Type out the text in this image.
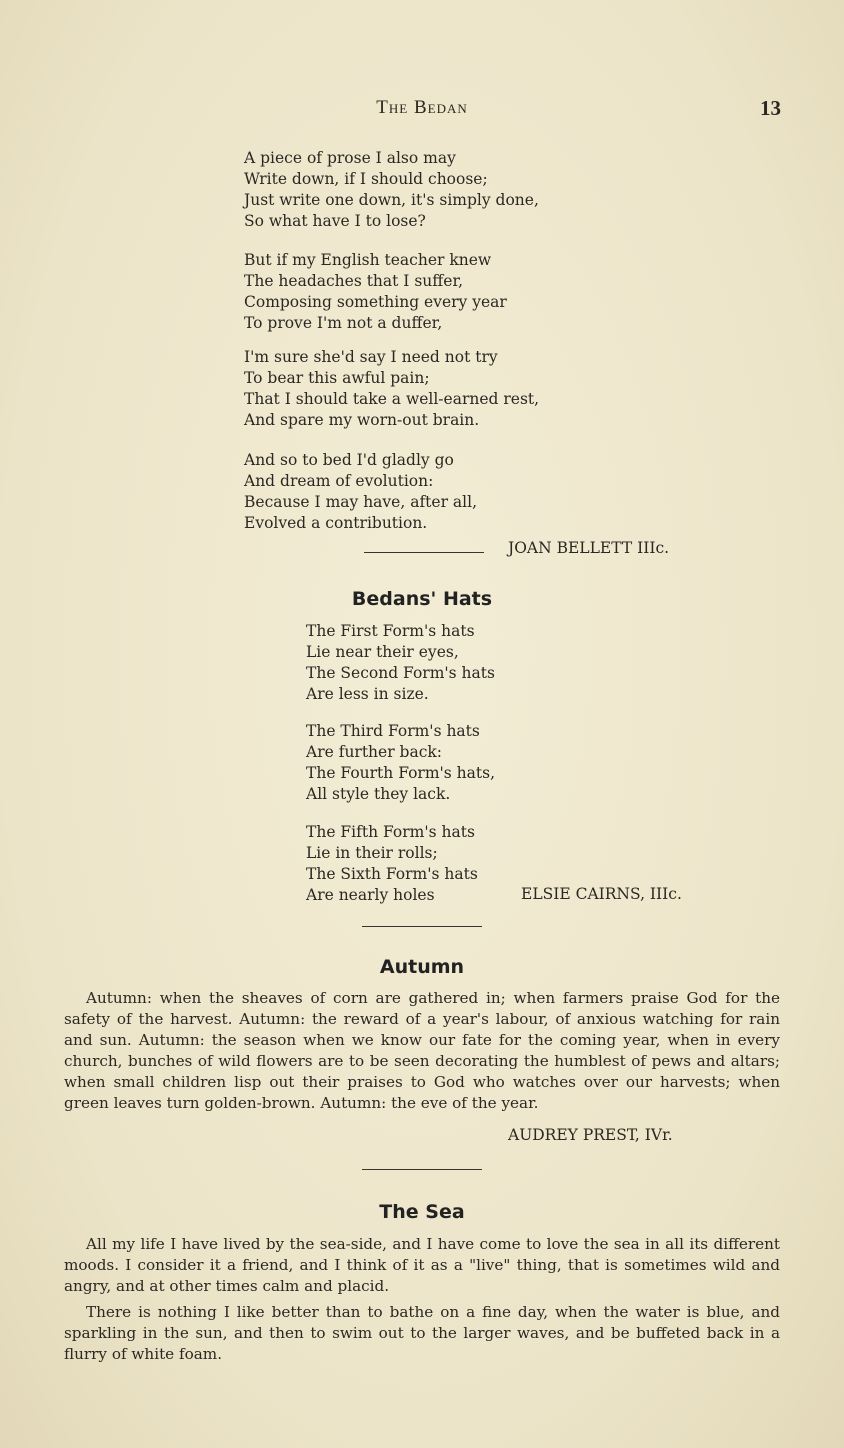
The Bedan	13
A piece of prose I also may
Write down, if I should choose;
Just write one down, it's simply done,
So what have I to lose?
But if my English teacher knew
The headaches that I suffer,
Composing something every year
To prove I'm not a duffer,
I'm sure she'd say I need not try
To bear this awful pain;
That I should take a well-earned rest,
And spare my worn-out brain.
And so to bed I'd gladly go
And dream of evolution:
Because I may have, after all,
Evolved a contribution.
JOAN BELLETT IIIc.
Bedans' Hats
The First Form's hats
Lie near their eyes,
The Second Form's hats
Are less in size.
The Third Form's hats
Are further back:
The Fourth Form's hats,
All style they lack.
The Fifth Form's hats
Lie in their rolls;
The Sixth Form's hats
Are nearly holes	ELSIE CAIRNS, IIIc.
Autumn

Autumn: when the sheaves of corn are gathered in; when farmers praise God for the safety of the harvest. Autumn: the reward of a year's labour, of anxious watching for rain and sun. Autumn: the season when we know our fate for the coming year, when in every church, bunches of wild flowers are to be seen decorating the humblest of pews and altars; when small children lisp out their praises to God who watches over our harvests; when green leaves turn golden-brown. Autumn: the eve of the year.

AUDREY PREST, IVr.
The Sea

All my life I have lived by the sea-side, and I have come to love the sea in all its different moods. I consider it a friend, and I think of it as a "live" thing, that is sometimes wild and angry, and at other times calm and placid.

There is nothing I like better than to bathe on a fine day, when the water is blue, and sparkling in the sun, and then to swim out to the larger waves, and be buffeted back in a flurry of white foam.
